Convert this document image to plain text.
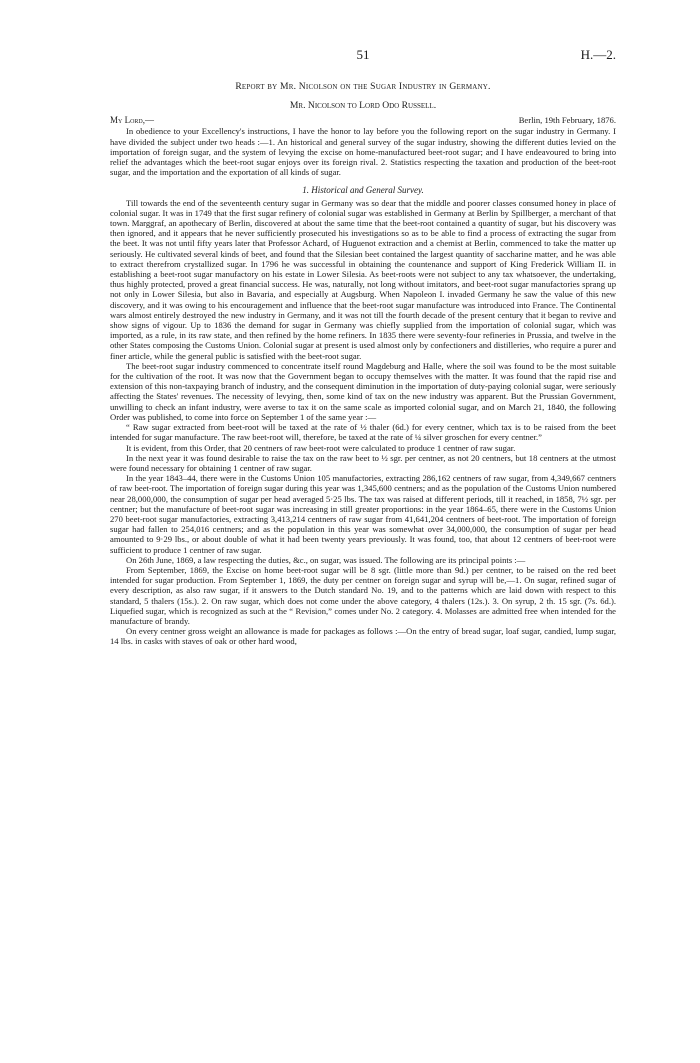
51	H.—2.
Report by Mr. Nicolson on the Sugar Industry in Germany.
Mr. Nicolson to Lord Odo Russell.
My Lord,—	Berlin, 19th February, 1876.

In obedience to your Excellency's instructions, I have the honor to lay before you the following report on the sugar industry in Germany. I have divided the subject under two heads :—1. An historical and general survey of the sugar industry, showing the different duties levied on the importation of foreign sugar, and the system of levying the excise on home-manufactured beet-root sugar; and I have endeavoured to bring into relief the advantages which the beet-root sugar enjoys over its foreign rival. 2. Statistics respecting the taxation and production of the beet-root sugar, and the importation and the exportation of all kinds of sugar.

1. Historical and General Survey.

Till towards the end of the seventeenth century sugar in Germany was so dear that the middle and poorer classes consumed honey in place of colonial sugar. It was in 1749 that the first sugar refinery of colonial sugar was established in Germany at Berlin by Spillberger, a merchant of that town. Marggraf, an apothecary of Berlin, discovered at about the same time that the beet-root contained a quantity of sugar, but his discovery was then ignored, and it appears that he never sufficiently prosecuted his investigations so as to be able to find a process of extracting the sugar from the beet. It was not until fifty years later that Professor Achard, of Huguenot extraction and a chemist at Berlin, commenced to take the matter up seriously. He cultivated several kinds of beet, and found that the Silesian beet contained the largest quantity of saccharine matter, and he was able to extract therefrom crystallized sugar. In 1796 he was successful in obtaining the countenance and support of King Frederick William II. in establishing a beet-root sugar manufactory on his estate in Lower Silesia. As beet-roots were not subject to any tax whatsoever, the undertaking, thus highly protected, proved a great financial success. He was, naturally, not long without imitators, and beet-root sugar manufactories sprang up not only in Lower Silesia, but also in Bavaria, and especially at Augsburg. When Napoleon I. invaded Germany he saw the value of this new discovery, and it was owing to his encouragement and influence that the beet-root sugar manufacture was introduced into France. The Continental wars almost entirely destroyed the new industry in Germany, and it was not till the fourth decade of the present century that it began to revive and show signs of vigour. Up to 1836 the demand for sugar in Germany was chiefly supplied from the importation of colonial sugar, which was imported, as a rule, in its raw state, and then refined by the home refiners. In 1835 there were seventy-four refineries in Prussia, and twelve in the other States composing the Customs Union. Colonial sugar at present is used almost only by confectioners and distilleries, who require a purer and finer article, while the general public is satisfied with the beet-root sugar.

The beet-root sugar industry commenced to concentrate itself round Magdeburg and Halle, where the soil was found to be the most suitable for the cultivation of the root. It was now that the Government began to occupy themselves with the matter. It was found that the rapid rise and extension of this non-taxpaying branch of industry, and the consequent diminution in the importation of duty-paying colonial sugar, were seriously affecting the States' revenues. The necessity of levying, then, some kind of tax on the new industry was apparent. But the Prussian Government, unwilling to check an infant industry, were averse to tax it on the same scale as imported colonial sugar, and on March 21, 1840, the following Order was published, to come into force on September 1 of the same year :—

“ Raw sugar extracted from beet-root will be taxed at the rate of ½ thaler (6d.) for every centner, which tax is to be raised from the beet intended for sugar manufacture. The raw beet-root will, therefore, be taxed at the rate of ¼ silver groschen for every centner.”

It is evident, from this Order, that 20 centners of raw beet-root were calculated to produce 1 centner of raw sugar.

In the next year it was found desirable to raise the tax on the raw beet to ½ sgr. per centner, as not 20 centners, but 18 centners at the utmost were found necessary for obtaining 1 centner of raw sugar.

In the year 1843–44, there were in the Customs Union 105 manufactories, extracting 286,162 centners of raw sugar, from 4,349,667 centners of raw beet-root. The importation of foreign sugar during this year was 1,345,600 centners; and as the population of the Customs Union numbered near 28,000,000, the consumption of sugar per head averaged 5·25 lbs. The tax was raised at different periods, till it reached, in 1858, 7½ sgr. per centner; but the manufacture of beet-root sugar was increasing in still greater proportions: in the year 1864–65, there were in the Customs Union 270 beet-root sugar manufactories, extracting 3,413,214 centners of raw sugar from 41,641,204 centners of beet-root. The importation of foreign sugar had fallen to 254,016 centners; and as the population in this year was somewhat over 34,000,000, the consumption of sugar per head amounted to 9·29 lbs., or about double of what it had been twenty years previously. It was found, too, that about 12 centners of beet-root were sufficient to produce 1 centner of raw sugar.

On 26th June, 1869, a law respecting the duties, &c., on sugar, was issued. The following are its principal points :—

From September, 1869, the Excise on home beet-root sugar will be 8 sgr. (little more than 9d.) per centner, to be raised on the red beet intended for sugar production. From September 1, 1869, the duty per centner on foreign sugar and syrup will be,—1. On sugar, refined sugar of every description, as also raw sugar, if it answers to the Dutch standard No. 19, and to the patterns which are laid down with respect to this standard, 5 thalers (15s.). 2. On raw sugar, which does not come under the above category, 4 thalers (12s.). 3. On syrup, 2 th. 15 sgr. (7s. 6d.). Liquefied sugar, which is recognized as such at the “ Revision,” comes under No. 2 category. 4. Molasses are admitted free when intended for the manufacture of brandy.

On every centner gross weight an allowance is made for packages as follows :—On the entry of bread sugar, loaf sugar, candied, lump sugar, 14 lbs. in casks with staves of oak or other hard wood,
